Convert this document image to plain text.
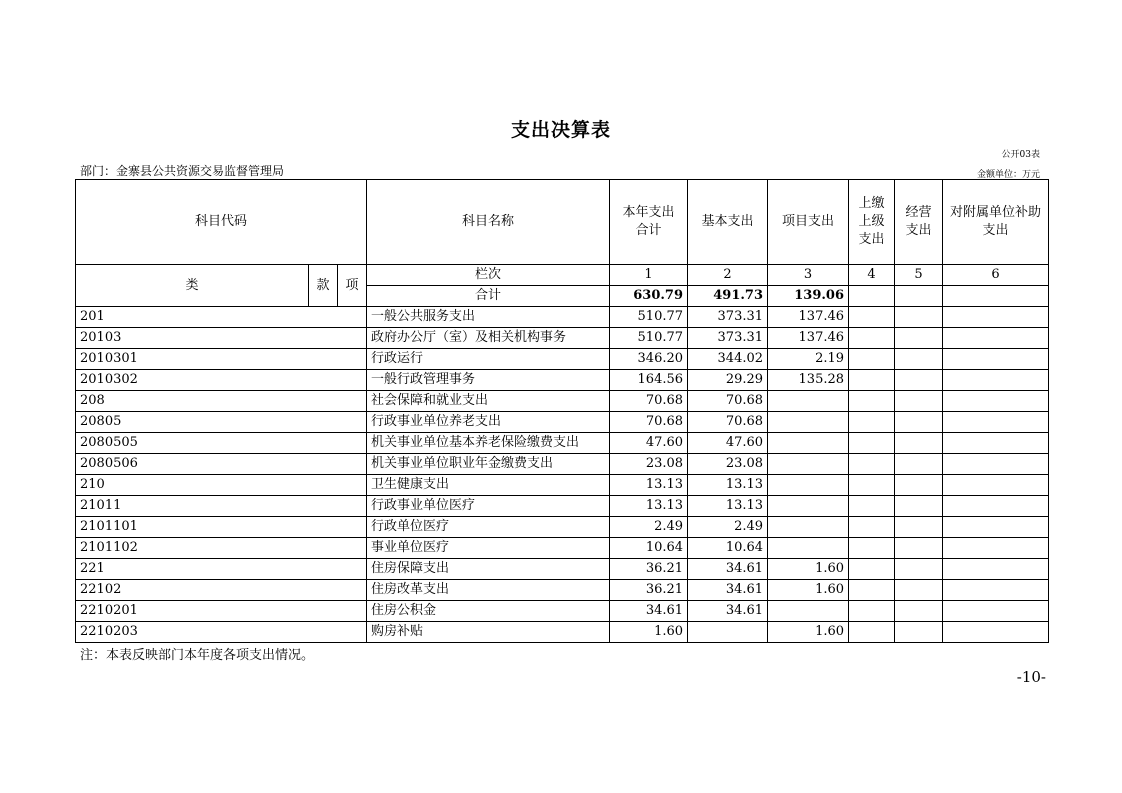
支出决算表
公开03表
部门：金寨县公共资源交易监督管理局	金额单位：万元
科目代码			科目名称	本年支出合计	基本支出	项目支出	上缴上级支出	经营支出	对附属单位补助支出
类	款	项	栏次	1	2	3	4	5	6
			合计	630.79	491.73	139.06			
201			一般公共服务支出	510.77	373.31	137.46			
20103			政府办公厅（室）及相关机构事务	510.77	373.31	137.46			
2010301			行政运行	346.20	344.02	2.19			
2010302			一般行政管理事务	164.56	29.29	135.28			
208			社会保障和就业支出	70.68	70.68				
20805			行政事业单位养老支出	70.68	70.68				
2080505			机关事业单位基本养老保险缴费支出	47.60	47.60				
2080506			机关事业单位职业年金缴费支出	23.08	23.08				
210			卫生健康支出	13.13	13.13				
21011			行政事业单位医疗	13.13	13.13				
2101101			行政单位医疗	2.49	2.49				
2101102			事业单位医疗	10.64	10.64				
221			住房保障支出	36.21	34.61	1.60			
22102			住房改革支出	36.21	34.61	1.60			
2210201			住房公积金	34.61	34.61				
2210203			购房补贴	1.60		1.60			
注：本表反映部门本年度各项支出情况。
-10-
